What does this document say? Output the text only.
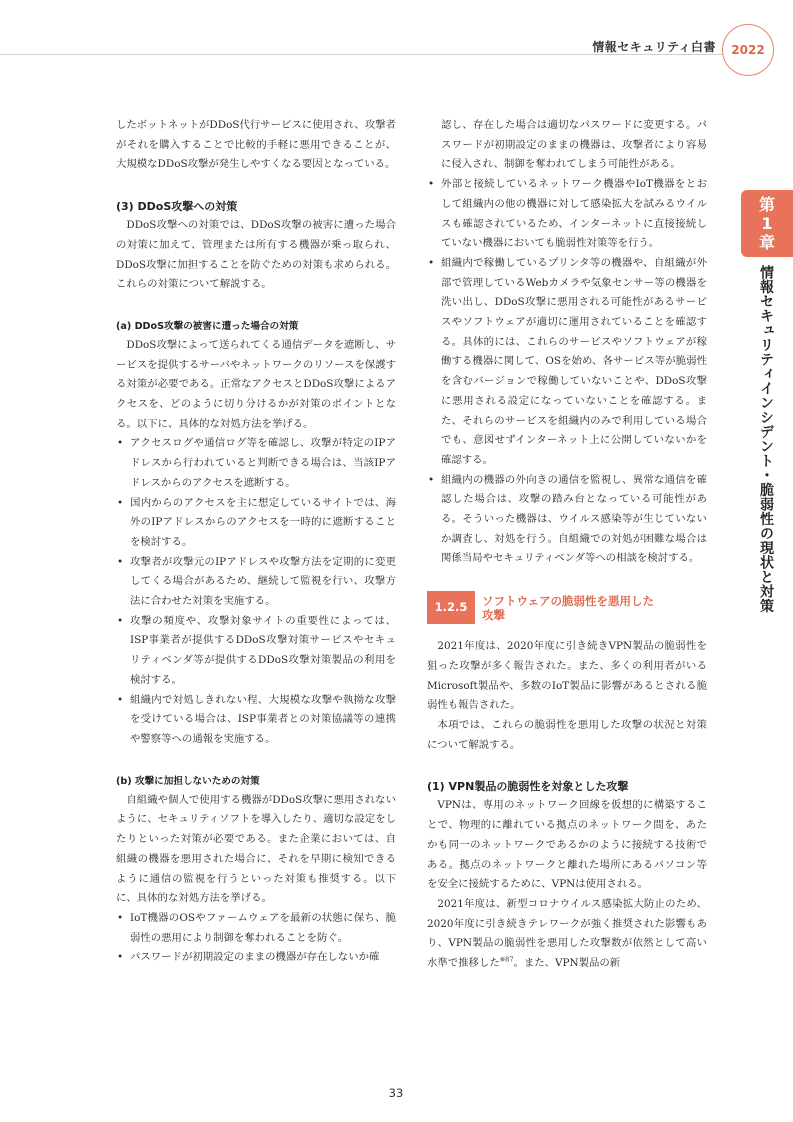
情報セキュリティ白書	2022
第
1
章
情報セキュリティインシデント・脆弱性の現状と対策

したボットネットがDDoS代行サービスに使用され、攻撃者がそれを購入することで比較的手軽に悪用できることが、大規模なDDoS攻撃が発生しやすくなる要因となっている。

(3) DDoS攻撃への対策

DDoS攻撃への対策では、DDoS攻撃の被害に遭った場合の対策に加えて、管理または所有する機器が乗っ取られ、DDoS攻撃に加担することを防ぐための対策も求められる。これらの対策について解説する。

(a) DDoS攻撃の被害に遭った場合の対策

DDoS攻撃によって送られてくる通信データを遮断し、サービスを提供するサーバやネットワークのリソースを保護する対策が必要である。正常なアクセスとDDoS攻撃によるアクセスを、どのように切り分けるかが対策のポイントとなる。以下に、具体的な対処方法を挙げる。

• アクセスログや通信ログ等を確認し、攻撃が特定のIPアドレスから行われていると判断できる場合は、当該IPアドレスからのアクセスを遮断する。
• 国内からのアクセスを主に想定しているサイトでは、海外のIPアドレスからのアクセスを一時的に遮断することを検討する。
• 攻撃者が攻撃元のIPアドレスや攻撃方法を定期的に変更してくる場合があるため、継続して監視を行い、攻撃方法に合わせた対策を実施する。
• 攻撃の頻度や、攻撃対象サイトの重要性によっては、ISP事業者が提供するDDoS攻撃対策サービスやセキュリティベンダ等が提供するDDoS攻撃対策製品の利用を検討する。
• 組織内で対処しきれない程、大規模な攻撃や執拗な攻撃を受けている場合は、ISP事業者との対策協議等の連携や警察等への通報を実施する。
(b) 攻撃に加担しないための対策

自組織や個人で使用する機器がDDoS攻撃に悪用されないように、セキュリティソフトを導入したり、適切な設定をしたりといった対策が必要である。また企業においては、自組織の機器を悪用された場合に、それを早期に検知できるように通信の監視を行うといった対策も推奨する。以下に、具体的な対処方法を挙げる。

• IoT機器のOSやファームウェアを最新の状態に保ち、脆弱性の悪用により制御を奪われることを防ぐ。
• パスワードが初期設定のままの機器が存在しないか確

認し、存在した場合は適切なパスワードに変更する。パスワードが初期設定のままの機器は、攻撃者により容易に侵入され、制御を奪われてしまう可能性がある。

• 外部と接続しているネットワーク機器やIoT機器をとおして組織内の他の機器に対して感染拡大を試みるウイルスも確認されているため、インターネットに直接接続していない機器においても脆弱性対策等を行う。
• 組織内で稼働しているプリンタ等の機器や、自組織が外部で管理しているWebカメラや気象センサー等の機器を洗い出し、DDoS攻撃に悪用される可能性があるサービスやソフトウェアが適切に運用されていることを確認する。具体的には、これらのサービスやソフトウェアが稼働する機器に関して、OSを始め、各サービス等が脆弱性を含むバージョンで稼働していないことや、DDoS攻撃に悪用される設定になっていないことを確認する。また、それらのサービスを組織内のみで利用している場合でも、意図せずインターネット上に公開していないかを確認する。
• 組織内の機器の外向きの通信を監視し、異常な通信を確認した場合は、攻撃の踏み台となっている可能性がある。そういった機器は、ウイルス感染等が生じていないか調査し、対処を行う。自組織での対処が困難な場合は関係当局やセキュリティベンダ等への相談を検討する。
1.2.5	ソフトウェアの脆弱性を悪用した
攻撃

2021年度は、2020年度に引き続きVPN製品の脆弱性を狙った攻撃が多く報告された。また、多くの利用者がいるMicrosoft製品や、多数のIoT製品に影響があるとされる脆弱性も報告された。

本項では、これらの脆弱性を悪用した攻撃の状況と対策について解説する。

(1) VPN製品の脆弱性を対象とした攻撃

VPNは、専用のネットワーク回線を仮想的に構築することで、物理的に離れている拠点のネットワーク間を、あたかも同一のネットワークであるかのように接続する技術である。拠点のネットワークと離れた場所にあるパソコン等を安全に接続するために、VPNは使用される。

2021年度は、新型コロナウイルス感染拡大防止のため、2020年度に引き続きテレワークが強く推奨された影響もあり、VPN製品の脆弱性を悪用した攻撃数が依然として高い水準で推移した$^{※87}$。また、VPN製品の新

33
